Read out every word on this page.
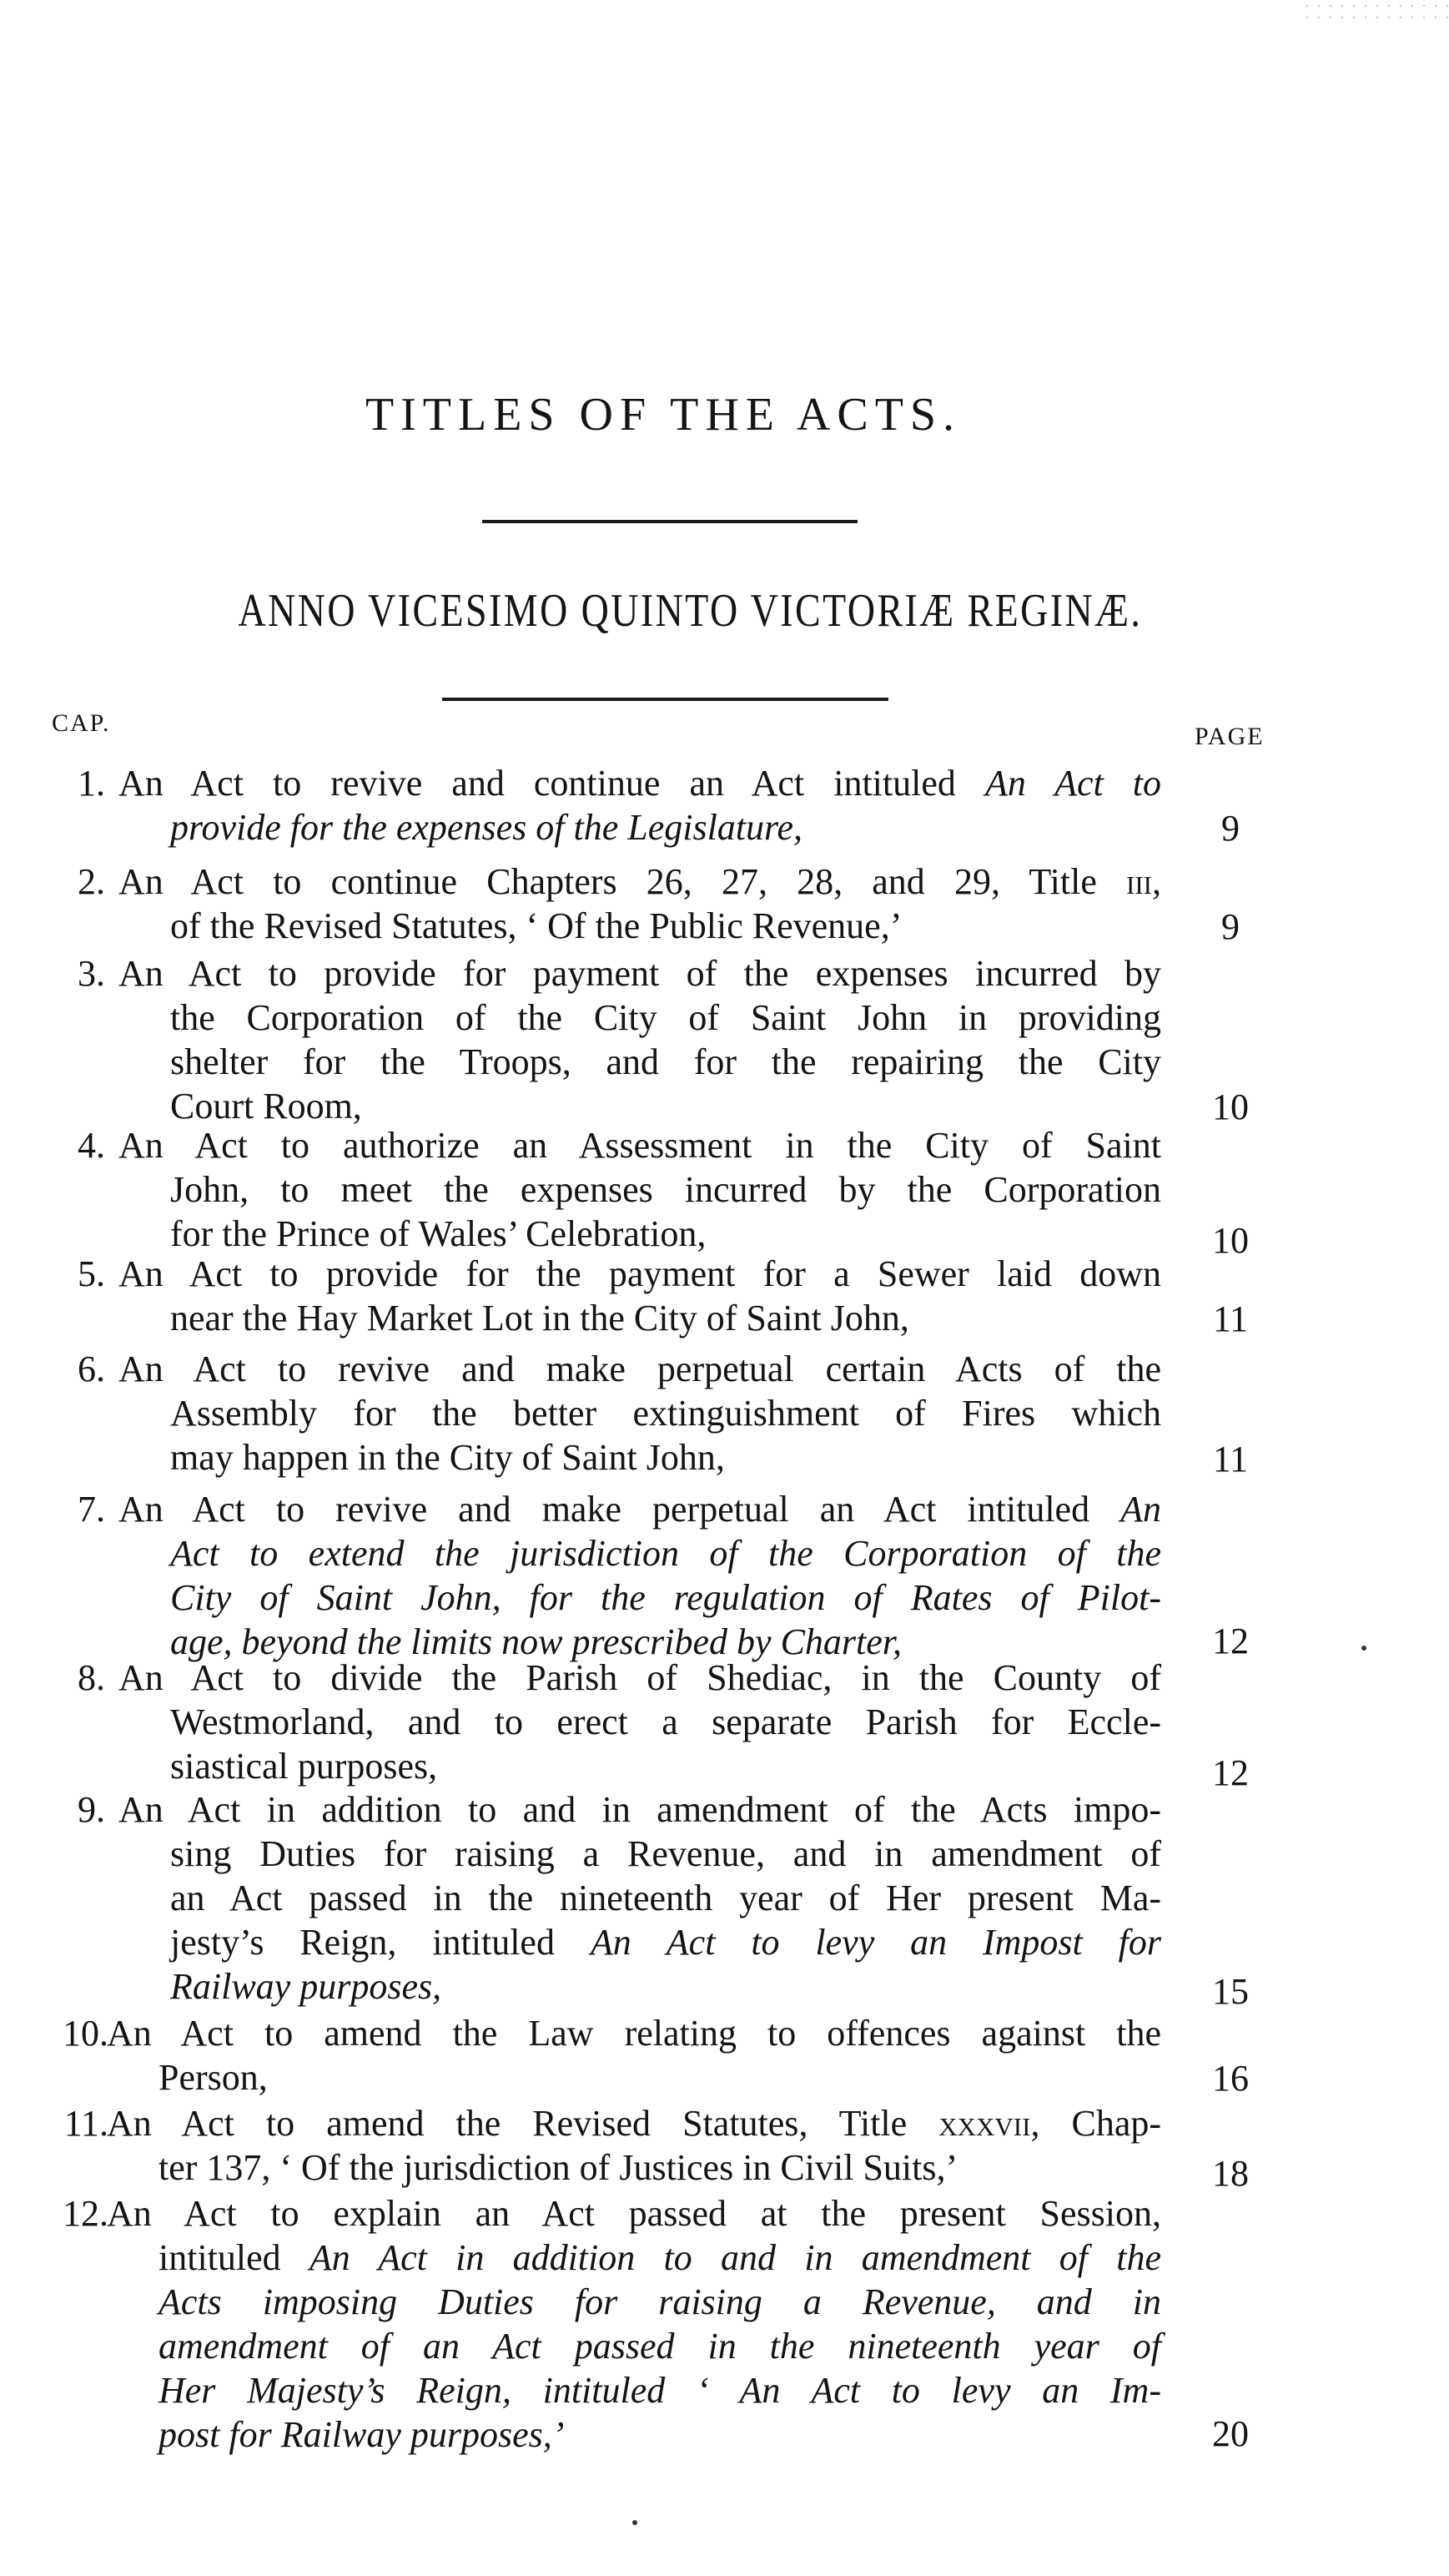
TITLES OF THE ACTS.
ANNO VICESIMO QUINTO VICTORIÆ REGINÆ.
CAP.	PAGE
1. An Act to revive and continue an Act intituled An Act to
provide for the expenses of the Legislature,	9
2. An Act to continue Chapters 26, 27, 28, and 29, Title iii,
of the Revised Statutes, ‘ Of the Public Revenue,’	9
3. An Act to provide for payment of the expenses incurred by
the Corporation of the City of Saint John in providing
shelter for the Troops, and for the repairing the City
Court Room,	10
4. An Act to authorize an Assessment in the City of Saint
John, to meet the expenses incurred by the Corporation
for the Prince of Wales’ Celebration,	10
5. An Act to provide for the payment for a Sewer laid down
near the Hay Market Lot in the City of Saint John,	11
6. An Act to revive and make perpetual certain Acts of the
Assembly for the better extinguishment of Fires which
may happen in the City of Saint John,	11
7. An Act to revive and make perpetual an Act intituled An
Act to extend the jurisdiction of the Corporation of the
City of Saint John, for the regulation of Rates of Pilot-
age, beyond the limits now prescribed by Charter,	12
8. An Act to divide the Parish of Shediac, in the County of
Westmorland, and to erect a separate Parish for Eccle-
siastical purposes,	12
9. An Act in addition to and in amendment of the Acts impo-
sing Duties for raising a Revenue, and in amendment of
an Act passed in the nineteenth year of Her present Ma-
jesty’s Reign, intituled An Act to levy an Impost for
Railway purposes,	15
10.
An Act to amend the Law relating to offences against the
Person,	16
11.
An Act to amend the Revised Statutes, Title xxxvii, Chap-
ter 137, ‘ Of the jurisdiction of Justices in Civil Suits,’	18
12.
An Act to explain an Act passed at the present Session,
intituled An Act in addition to and in amendment of the
Acts imposing Duties for raising a Revenue, and in
amendment of an Act passed in the nineteenth year of
Her Majesty’s Reign, intituled ‘ An Act to levy an Im-
post for Railway purposes,’	20
